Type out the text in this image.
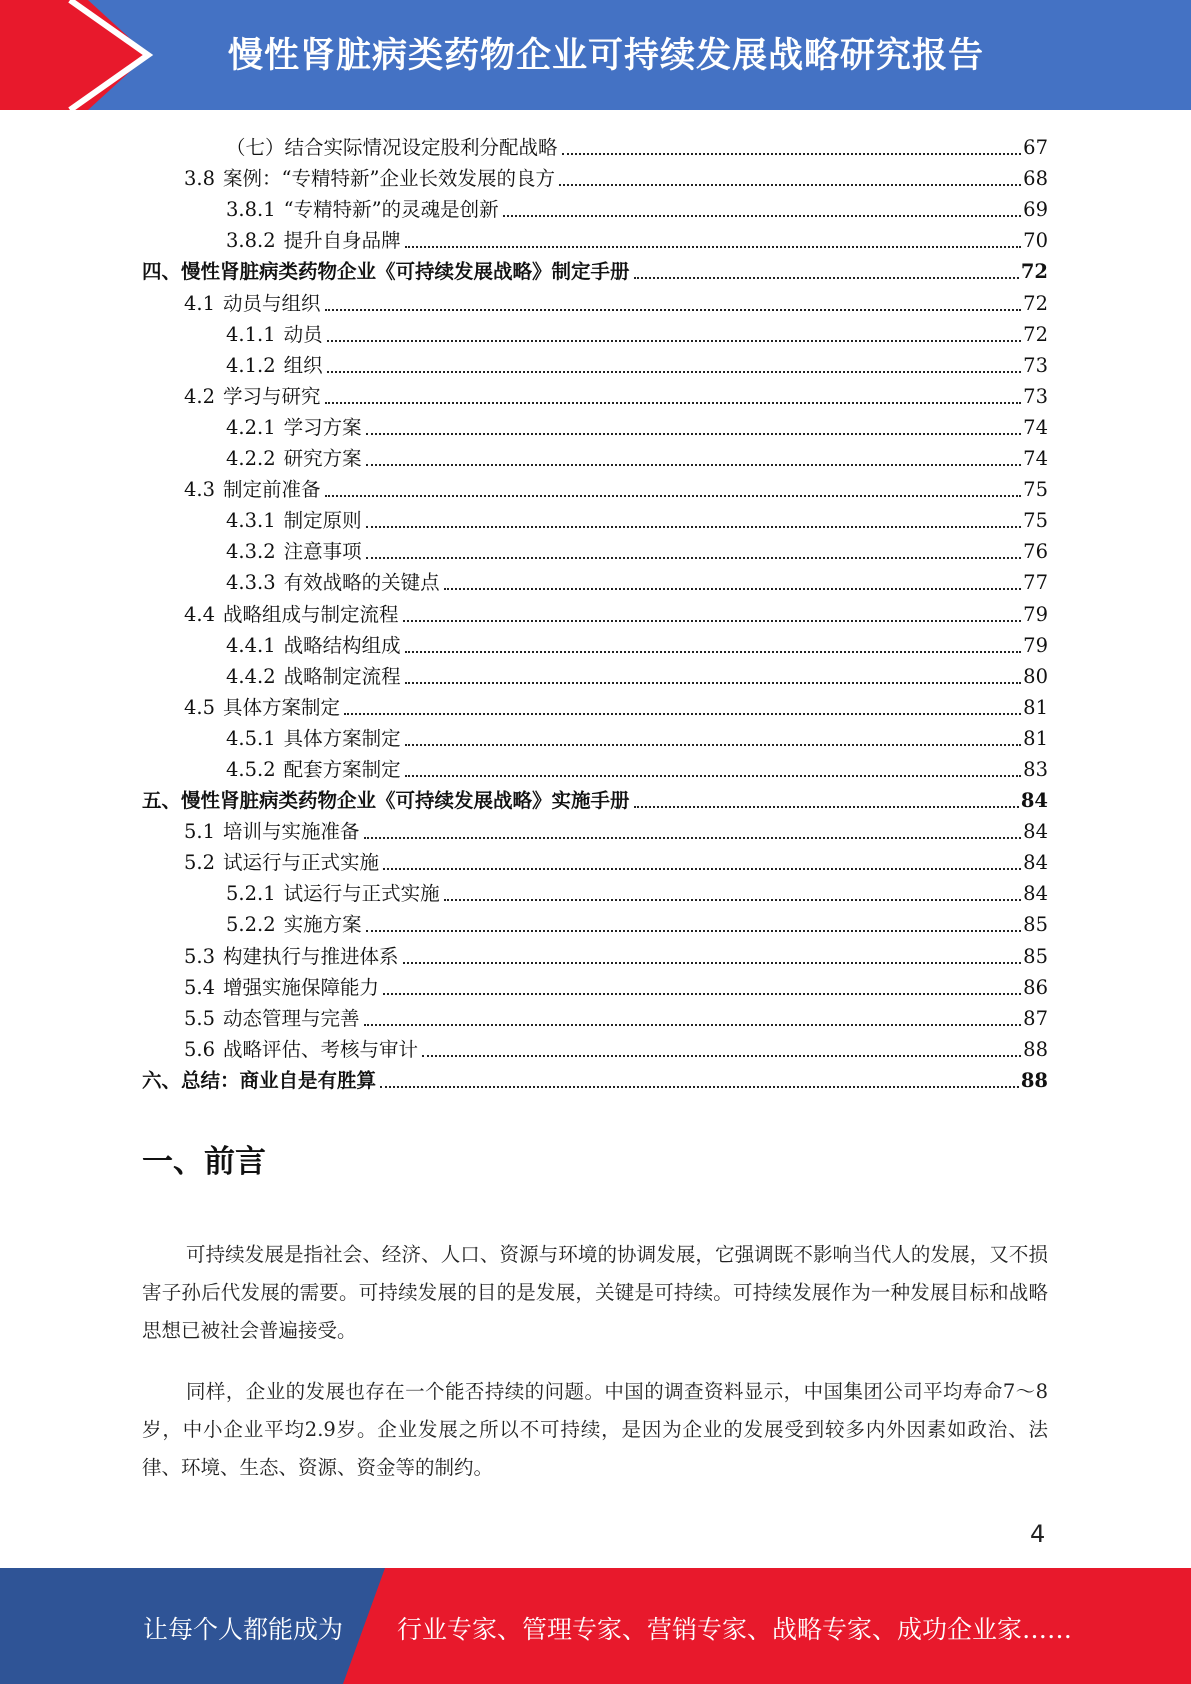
慢性肾脏病类药物企业可持续发展战略研究报告
（七）结合实际情况设定股利分配战略	67
3.8 案例：“专精特新”企业长效发展的良方	68
3.8.1 “专精特新”的灵魂是创新	69
3.8.2 提升自身品牌	70
四、慢性肾脏病类药物企业《可持续发展战略》制定手册	72
4.1 动员与组织	72
4.1.1 动员	72
4.1.2 组织	73
4.2 学习与研究	73
4.2.1 学习方案	74
4.2.2 研究方案	74
4.3 制定前准备	75
4.3.1 制定原则	75
4.3.2 注意事项	76
4.3.3 有效战略的关键点	77
4.4 战略组成与制定流程	79
4.4.1 战略结构组成	79
4.4.2 战略制定流程	80
4.5 具体方案制定	81
4.5.1 具体方案制定	81
4.5.2 配套方案制定	83
五、慢性肾脏病类药物企业《可持续发展战略》实施手册	84
5.1 培训与实施准备	84
5.2 试运行与正式实施	84
5.2.1 试运行与正式实施	84
5.2.2 实施方案	85
5.3 构建执行与推进体系	85
5.4 增强实施保障能力	86
5.5 动态管理与完善	87
5.6 战略评估、考核与审计	88
六、总结：商业自是有胜算	88
一、前言

可持续发展是指社会、经济、人口、资源与环境的协调发展，它强调既不影响当代人的发展，又不损害子孙后代发展的需要。可持续发展的目的是发展，关键是可持续。可持续发展作为一种发展目标和战略思想已被社会普遍接受。

同样，企业的发展也存在一个能否持续的问题。中国的调查资料显示，中国集团公司平均寿命7～8岁，中小企业平均2.9岁。企业发展之所以不可持续，是因为企业的发展受到较多内外因素如政治、法律、环境、生态、资源、资金等的制约。

4
让每个人都能成为 行业专家、管理专家、营销专家、战略专家、成功企业家……
